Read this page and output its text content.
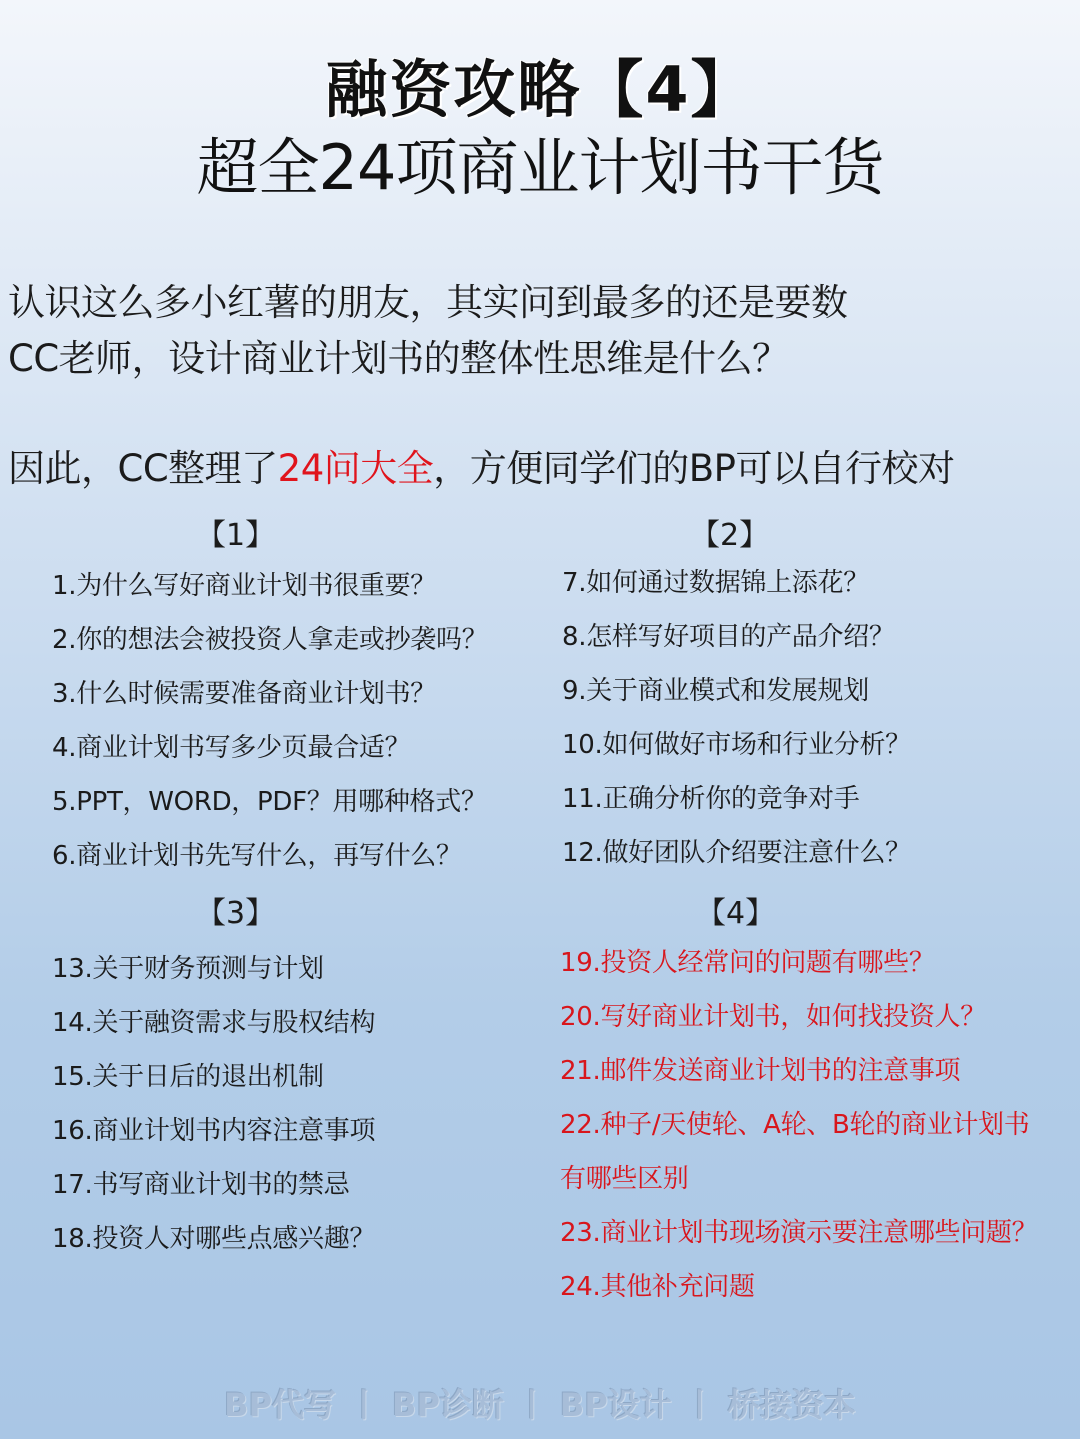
融资攻略【4】
超全24项商业计划书干货
认识这么多小红薯的朋友，其实问到最多的还是要数
CC老师，设计商业计划书的整体性思维是什么？
因此，CC整理了24问大全，方便同学们的BP可以自行校对
【1】
1.为什么写好商业计划书很重要？
2.你的想法会被投资人拿走或抄袭吗？
3.什么时候需要准备商业计划书？
4.商业计划书写多少页最合适？
5.PPT，WORD，PDF？用哪种格式？
6.商业计划书先写什么，再写什么？
【2】
7.如何通过数据锦上添花？
8.怎样写好项目的产品介绍？
9.关于商业模式和发展规划
10.如何做好市场和行业分析？
11.正确分析你的竞争对手
12.做好团队介绍要注意什么？
【3】
13.关于财务预测与计划
14.关于融资需求与股权结构
15.关于日后的退出机制
16.商业计划书内容注意事项
17.书写商业计划书的禁忌
18.投资人对哪些点感兴趣？
【4】
19.投资人经常问的问题有哪些？
20.写好商业计划书，如何找投资人？
21.邮件发送商业计划书的注意事项
22.种子/天使轮、A轮、B轮的商业计划书
有哪些区别
23.商业计划书现场演示要注意哪些问题？
24.其他补充问题
BP代写 丨 BP诊断 丨 BP设计 丨 桥接资本
